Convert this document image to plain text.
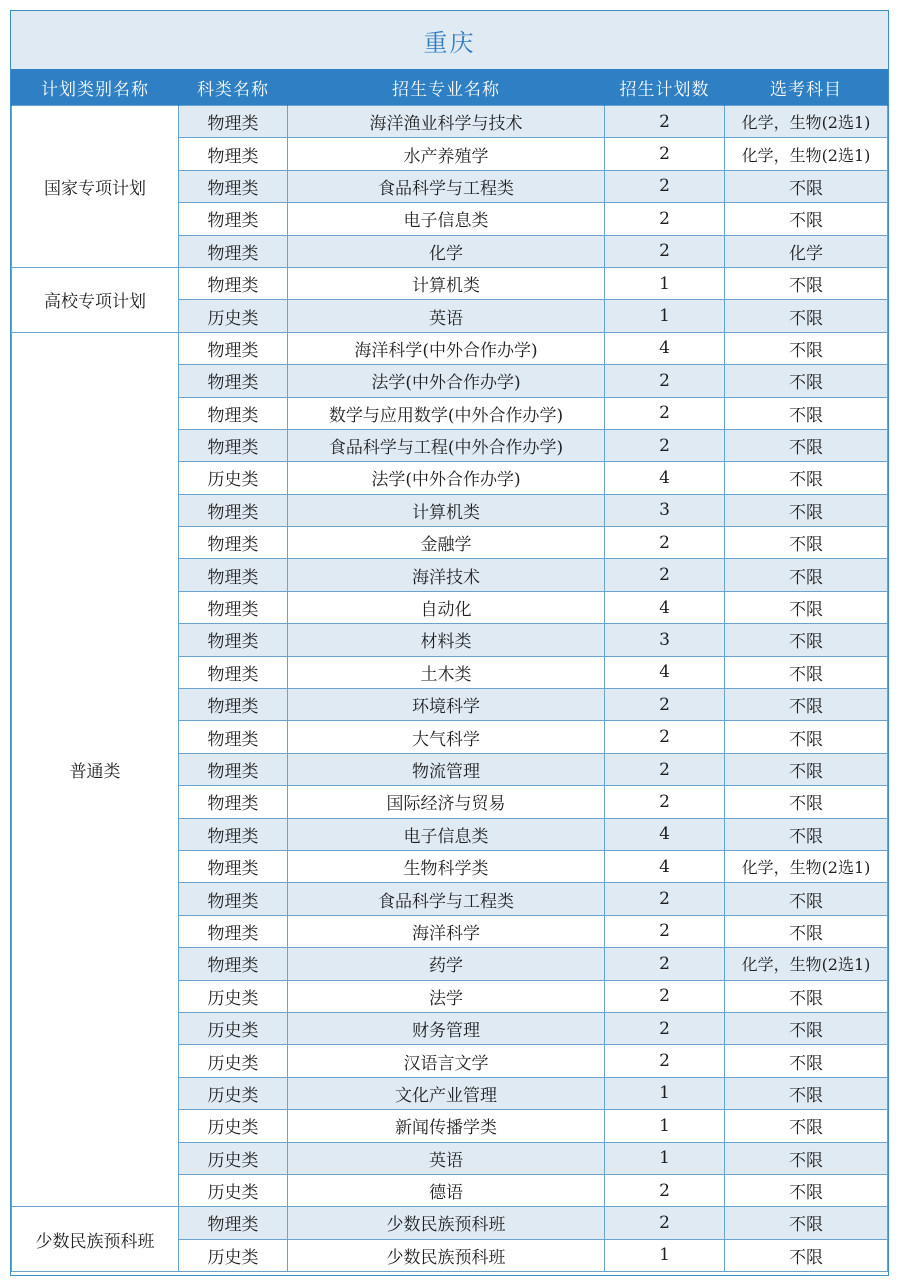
重庆
计划类别名称	科类名称	招生专业名称	招生计划数	选考科目
国家专项计划	物理类	海洋渔业科学与技术	2	化学，生物(2选1)
	物理类	水产养殖学	2	化学，生物(2选1)
	物理类	食品科学与工程类	2	不限
	物理类	电子信息类	2	不限
	物理类	化学	2	化学
高校专项计划	物理类	计算机类	1	不限
	历史类	英语	1	不限
普通类	物理类	海洋科学(中外合作办学)	4	不限
	物理类	法学(中外合作办学)	2	不限
	物理类	数学与应用数学(中外合作办学)	2	不限
	物理类	食品科学与工程(中外合作办学)	2	不限
	历史类	法学(中外合作办学)	4	不限
	物理类	计算机类	3	不限
	物理类	金融学	2	不限
	物理类	海洋技术	2	不限
	物理类	自动化	4	不限
	物理类	材料类	3	不限
	物理类	土木类	4	不限
	物理类	环境科学	2	不限
	物理类	大气科学	2	不限
	物理类	物流管理	2	不限
	物理类	国际经济与贸易	2	不限
	物理类	电子信息类	4	不限
	物理类	生物科学类	4	化学，生物(2选1)
	物理类	食品科学与工程类	2	不限
	物理类	海洋科学	2	不限
	物理类	药学	2	化学，生物(2选1)
	历史类	法学	2	不限
	历史类	财务管理	2	不限
	历史类	汉语言文学	2	不限
	历史类	文化产业管理	1	不限
	历史类	新闻传播学类	1	不限
	历史类	英语	1	不限
	历史类	德语	2	不限
少数民族预科班	物理类	少数民族预科班	2	不限
	历史类	少数民族预科班	1	不限
